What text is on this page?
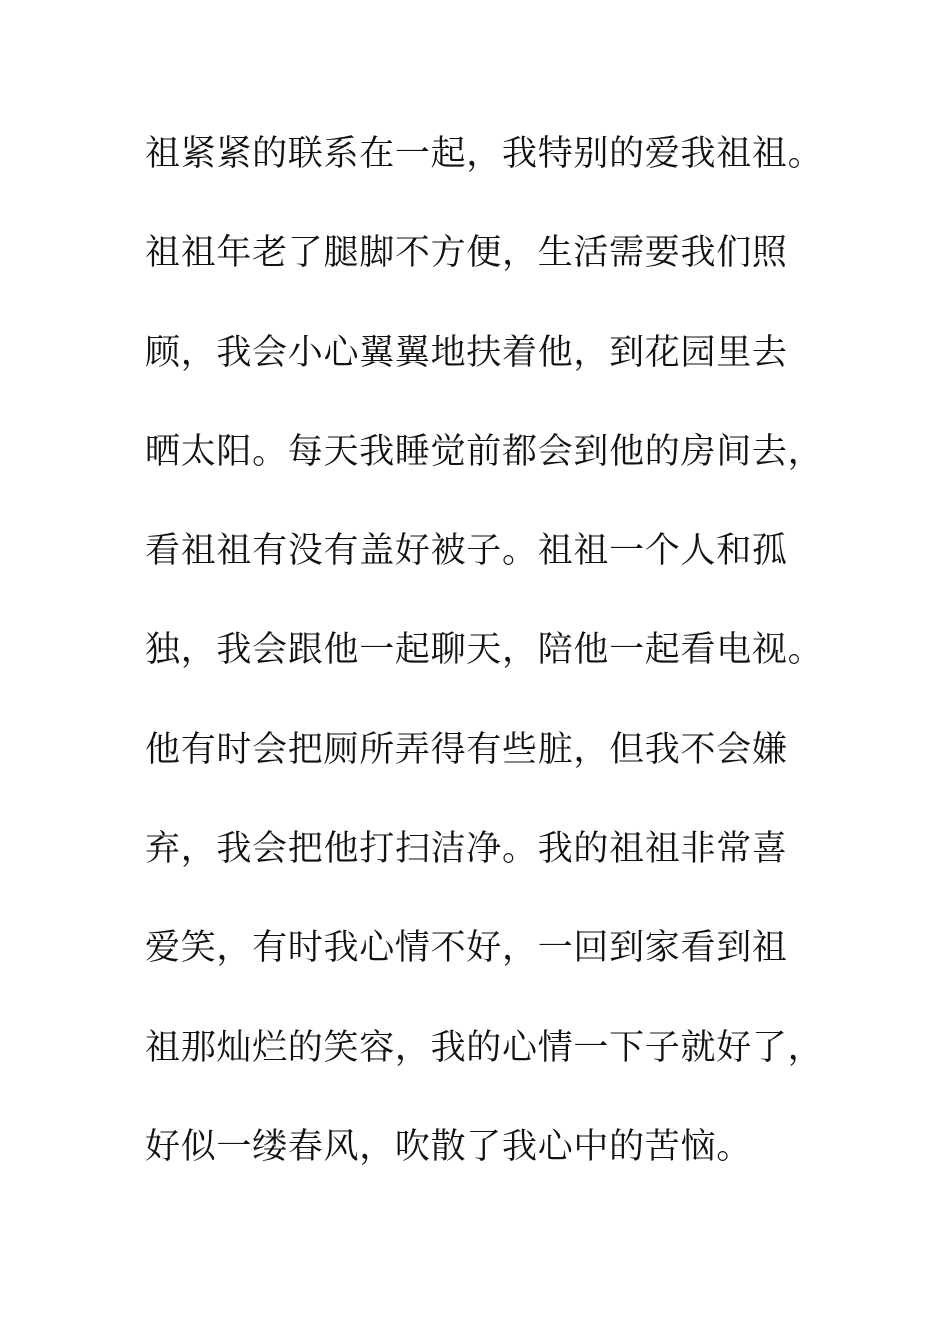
祖紧紧的联系在一起，我特别的爱我祖祖。
祖祖年老了腿脚不方便，生活需要我们照
顾，我会小心翼翼地扶着他，到花园里去
晒太阳。每天我睡觉前都会到他的房间去，
看祖祖有没有盖好被子。祖祖一个人和孤
独，我会跟他一起聊天，陪他一起看电视。
他有时会把厕所弄得有些脏，但我不会嫌
弃，我会把他打扫洁净。我的祖祖非常喜
爱笑，有时我心情不好，一回到家看到祖
祖那灿烂的笑容，我的心情一下子就好了，
好似一缕春风，吹散了我心中的苦恼。
